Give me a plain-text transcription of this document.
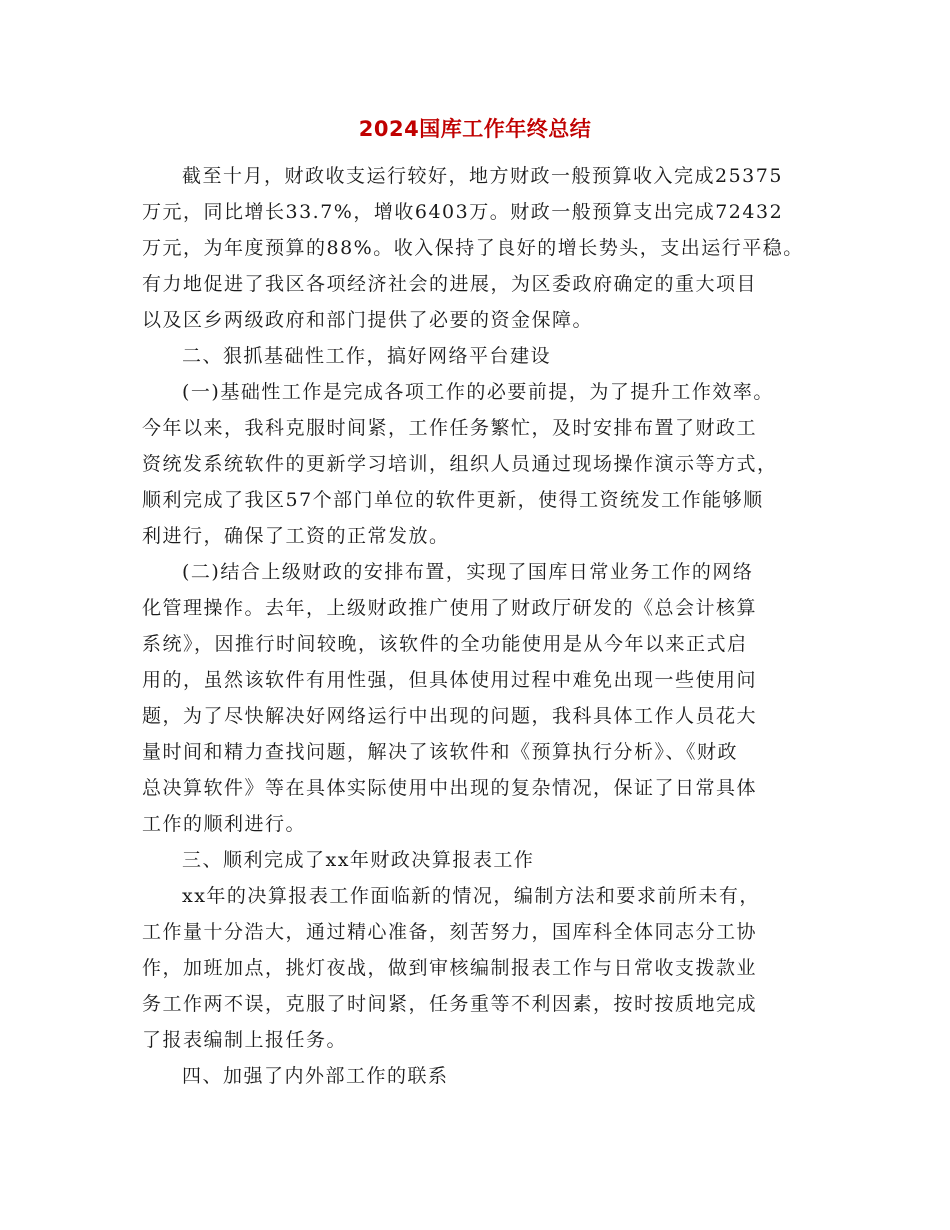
2024国库工作年终总结
截至十月，财政收支运行较好，地方财政一般预算收入完成25375
万元，同比增长33.7%，增收6403万。财政一般预算支出完成72432
万元，为年度预算的88%。收入保持了良好的增长势头，支出运行平稳。
有力地促进了我区各项经济社会的进展，为区委政府确定的重大项目
以及区乡两级政府和部门提供了必要的资金保障。
二、狠抓基础性工作，搞好网络平台建设
(一)基础性工作是完成各项工作的必要前提，为了提升工作效率。
今年以来，我科克服时间紧，工作任务繁忙，及时安排布置了财政工
资统发系统软件的更新学习培训，组织人员通过现场操作演示等方式，
顺利完成了我区57个部门单位的软件更新，使得工资统发工作能够顺
利进行，确保了工资的正常发放。
(二)结合上级财政的安排布置，实现了国库日常业务工作的网络
化管理操作。去年，上级财政推广使用了财政厅研发的《总会计核算
系统》，因推行时间较晚，该软件的全功能使用是从今年以来正式启
用的，虽然该软件有用性强，但具体使用过程中难免出现一些使用问
题，为了尽快解决好网络运行中出现的问题，我科具体工作人员花大
量时间和精力查找问题，解决了该软件和《预算执行分析》、《财政
总决算软件》等在具体实际使用中出现的复杂情况，保证了日常具体
工作的顺利进行。
三、顺利完成了xx年财政决算报表工作
xx年的决算报表工作面临新的情况，编制方法和要求前所未有，
工作量十分浩大，通过精心准备，刻苦努力，国库科全体同志分工协
作，加班加点，挑灯夜战，做到审核编制报表工作与日常收支拨款业
务工作两不误，克服了时间紧，任务重等不利因素，按时按质地完成
了报表编制上报任务。
四、加强了内外部工作的联系
